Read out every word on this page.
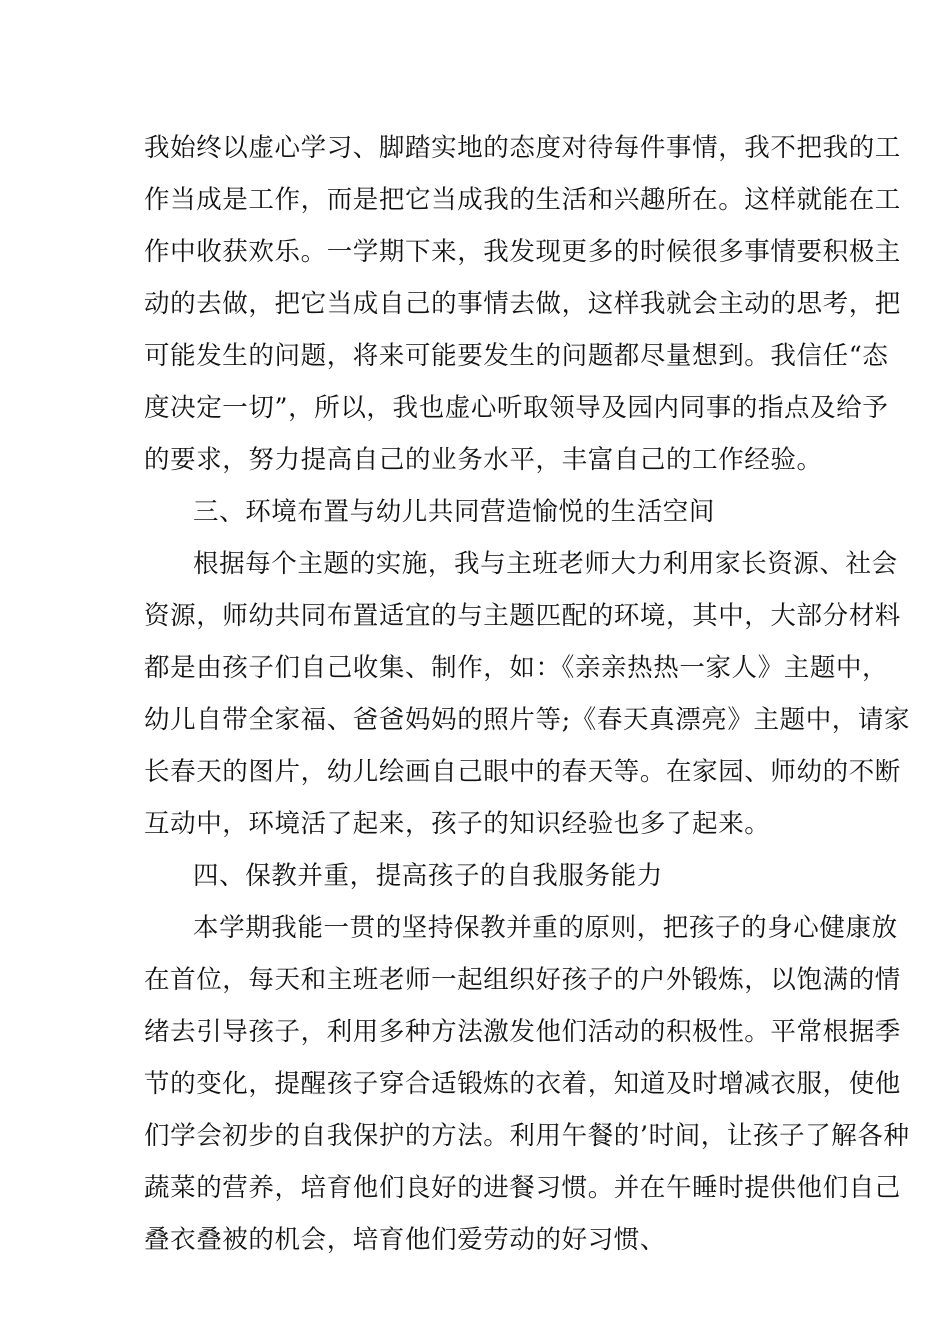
我始终以虚心学习、脚踏实地的态度对待每件事情，我不把我的工
作当成是工作，而是把它当成我的生活和兴趣所在。这样就能在工
作中收获欢乐。一学期下来，我发现更多的时候很多事情要积极主
动的去做，把它当成自己的事情去做，这样我就会主动的思考，把
可能发生的问题，将来可能要发生的问题都尽量想到。我信任“态
度决定一切”，所以，我也虚心听取领导及园内同事的指点及给予
的要求，努力提高自己的业务水平，丰富自己的工作经验。
三、环境布置与幼儿共同营造愉悦的生活空间
根据每个主题的实施，我与主班老师大力利用家长资源、社会
资源，师幼共同布置适宜的与主题匹配的环境，其中，大部分材料
都是由孩子们自己收集、制作，如：《亲亲热热一家人》主题中，
幼儿自带全家福、爸爸妈妈的照片等;《春天真漂亮》主题中，请家
长春天的图片，幼儿绘画自己眼中的春天等。在家园、师幼的不断
互动中，环境活了起来，孩子的知识经验也多了起来。
四、保教并重，提高孩子的自我服务能力
本学期我能一贯的坚持保教并重的原则，把孩子的身心健康放
在首位，每天和主班老师一起组织好孩子的户外锻炼，以饱满的情
绪去引导孩子，利用多种方法激发他们活动的积极性。平常根据季
节的变化，提醒孩子穿合适锻炼的衣着，知道及时增减衣服，使他
们学会初步的自我保护的方法。利用午餐的’时间，让孩子了解各种
蔬菜的营养，培育他们良好的进餐习惯。并在午睡时提供他们自己
叠衣叠被的机会，培育他们爱劳动的好习惯、
